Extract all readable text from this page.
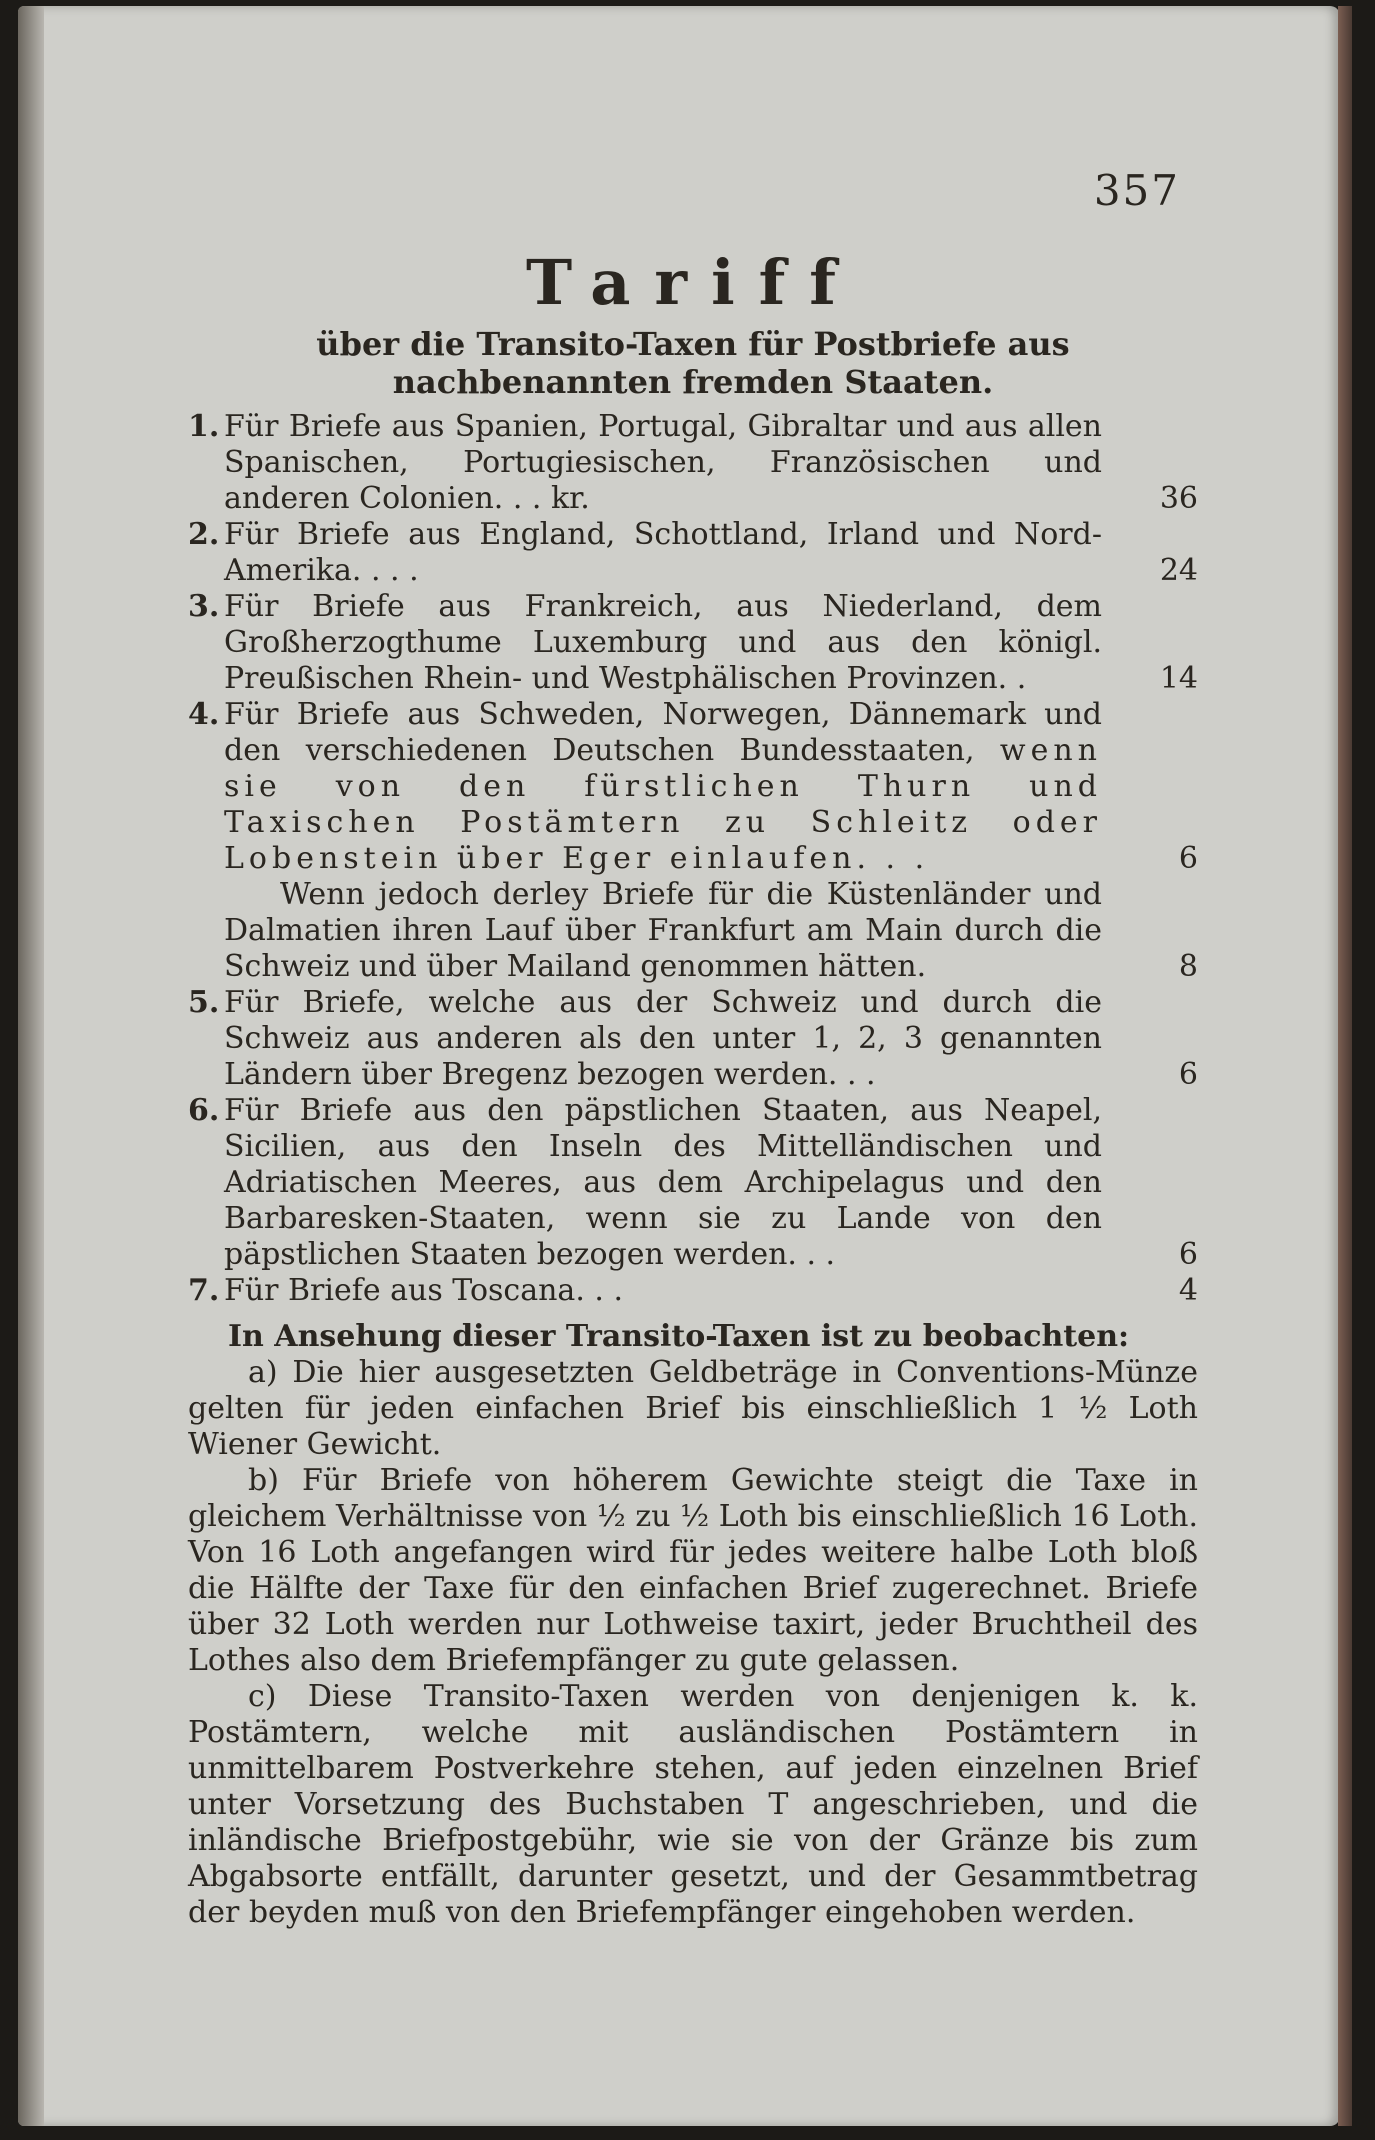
357
Tariff
über die Transito-Taxen für Postbriefe aus nachbenannten fremden Staaten.
1. Für Briefe aus Spanien, Portugal, Gibraltar und aus allen Spanischen, Portugiesischen, Französischen und anderen Colonien. . . kr.	36
2. Für Briefe aus England, Schottland, Irland und Nord-Amerika. . . .	24
3. Für Briefe aus Frankreich, aus Niederland, dem Großherzogthume Luxemburg und aus den königl. Preußischen Rhein- und Westphälischen Provinzen. .	14
4. Für Briefe aus Schweden, Norwegen, Dännemark und den verschiedenen Deutschen Bundesstaaten, wenn sie von den fürstlichen Thurn und Taxischen Postämtern zu Schleitz oder Lobenstein über Eger einlaufen. . .	6
Wenn jedoch derley Briefe für die Küstenländer und Dalmatien ihren Lauf über Frankfurt am Main durch die Schweiz und über Mailand genommen hätten.	8
5. Für Briefe, welche aus der Schweiz und durch die Schweiz aus anderen als den unter 1, 2, 3 genannten Ländern über Bregenz bezogen werden. . .	6
6. Für Briefe aus den päpstlichen Staaten, aus Neapel, Sicilien, aus den Inseln des Mittelländischen und Adriatischen Meeres, aus dem Archipelagus und den Barbaresken-Staaten, wenn sie zu Lande von den päpstlichen Staaten bezogen werden. . .	6
7. Für Briefe aus Toscana. . .	4
In Ansehung dieser Transito-Taxen ist zu beobachten:
a) Die hier ausgesetzten Geldbeträge in Conventions-Münze gelten für jeden einfachen Brief bis einschließlich 1 ½ Loth Wiener Gewicht.
b) Für Briefe von höherem Gewichte steigt die Taxe in gleichem Verhältnisse von ½ zu ½ Loth bis einschließlich 16 Loth. Von 16 Loth angefangen wird für jedes weitere halbe Loth bloß die Hälfte der Taxe für den einfachen Brief zugerechnet. Briefe über 32 Loth werden nur Lothweise taxirt, jeder Bruchtheil des Lothes also dem Briefempfänger zu gute gelassen.
c) Diese Transito-Taxen werden von denjenigen k. k. Postämtern, welche mit ausländischen Postämtern in unmittelbarem Postverkehre stehen, auf jeden einzelnen Brief unter Vorsetzung des Buchstaben T angeschrieben, und die inländische Briefpostgebühr, wie sie von der Gränze bis zum Abgabsorte entfällt, darunter gesetzt, und der Gesammtbetrag der beyden muß von den Briefempfänger eingehoben werden.
